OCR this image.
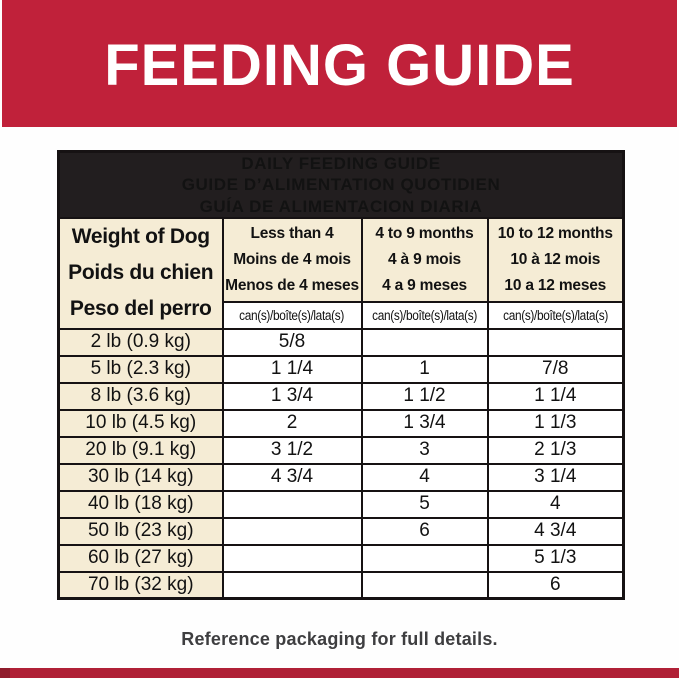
FEEDING GUIDE
DAILY FEEDING GUIDE
GUIDE D’ALIMENTATION QUOTIDIEN
GUÍA DE ALIMENTACION DIARIA			

Weight of Dog
Poids du chien
Peso del perro

Less than 4
Moins de 4 mois
Menos de 4 meses

4 to 9 months
4 à 9 mois
4 a 9 meses

10 to 12 months
10 à 12 mois
10 a 12 meses

	can(s)/boîte(s)/lata(s)	can(s)/boîte(s)/lata(s)	can(s)/boîte(s)/lata(s)
2 lb (0.9 kg)	5/8		
5 lb (2.3 kg)	1 1/4	1	7/8
8 lb (3.6 kg)	1 3/4	1 1/2	1 1/4
10 lb (4.5 kg)	2	1 3/4	1 1/3
20 lb (9.1 kg)	3 1/2	3	2 1/3
30 lb (14 kg)	4 3/4	4	3 1/4
40 lb (18 kg)		5	4
50 lb (23 kg)		6	4 3/4
60 lb (27 kg)			5 1/3
70 lb (32 kg)			6
Reference packaging for full details.
